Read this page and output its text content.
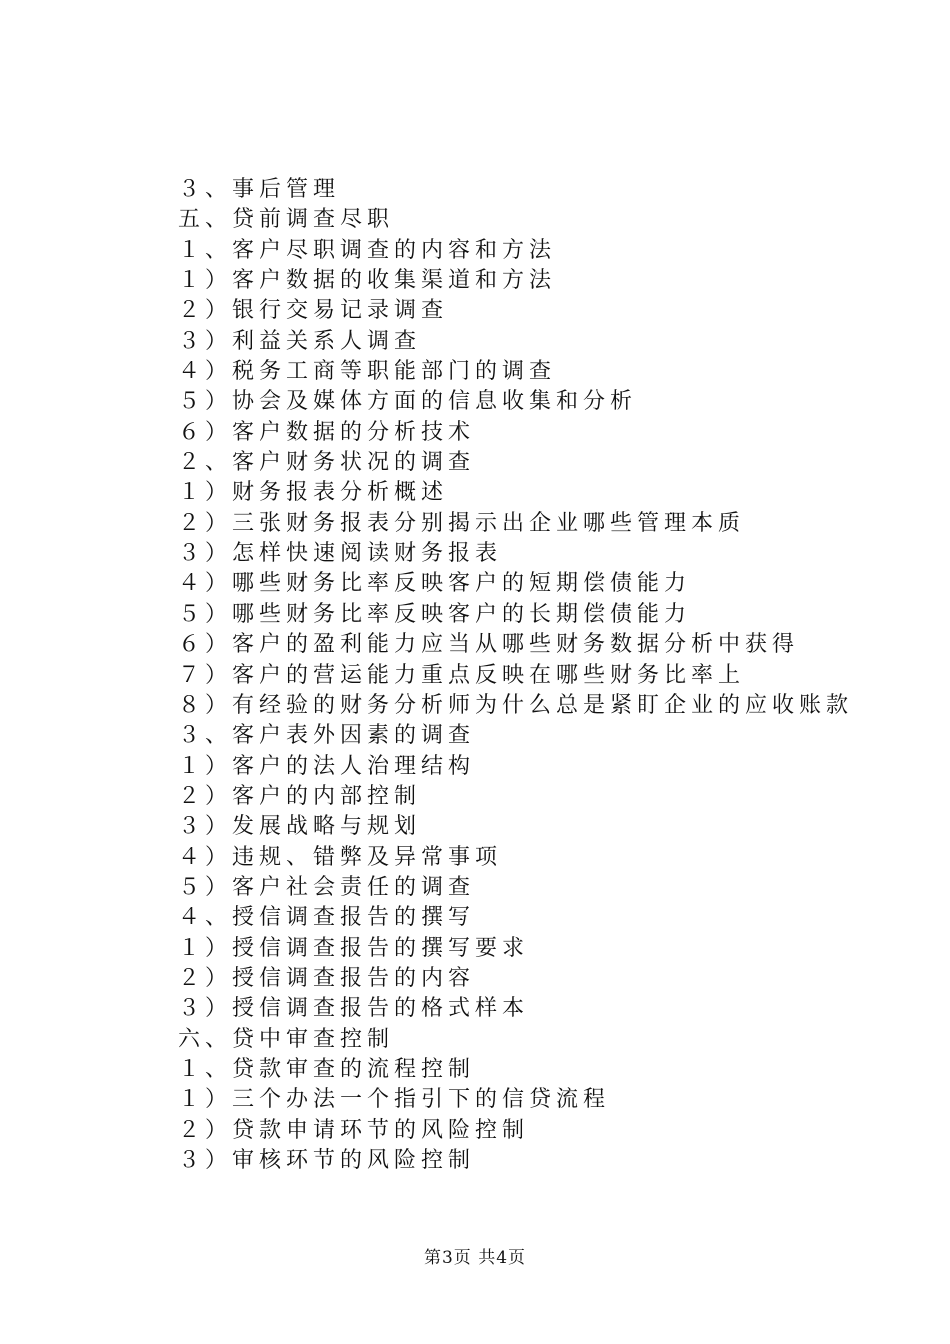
３、事后管理
五、贷前调查尽职
１、客户尽职调查的内容和方法
１）客户数据的收集渠道和方法
２）银行交易记录调查
３）利益关系人调查
４）税务工商等职能部门的调查
５）协会及媒体方面的信息收集和分析
６）客户数据的分析技术
２、客户财务状况的调查
１）财务报表分析概述
２）三张财务报表分别揭示出企业哪些管理本质
３）怎样快速阅读财务报表
４）哪些财务比率反映客户的短期偿债能力
５）哪些财务比率反映客户的长期偿债能力
６）客户的盈利能力应当从哪些财务数据分析中获得
７）客户的营运能力重点反映在哪些财务比率上
８）有经验的财务分析师为什么总是紧盯企业的应收账款
３、客户表外因素的调查
１）客户的法人治理结构
２）客户的内部控制
３）发展战略与规划
４）违规、错弊及异常事项
５）客户社会责任的调查
４、授信调查报告的撰写
１）授信调查报告的撰写要求
２）授信调查报告的内容
３）授信调查报告的格式样本
六、贷中审查控制
１、贷款审查的流程控制
１）三个办法一个指引下的信贷流程
２）贷款申请环节的风险控制
３）审核环节的风险控制
第3页 共4页
